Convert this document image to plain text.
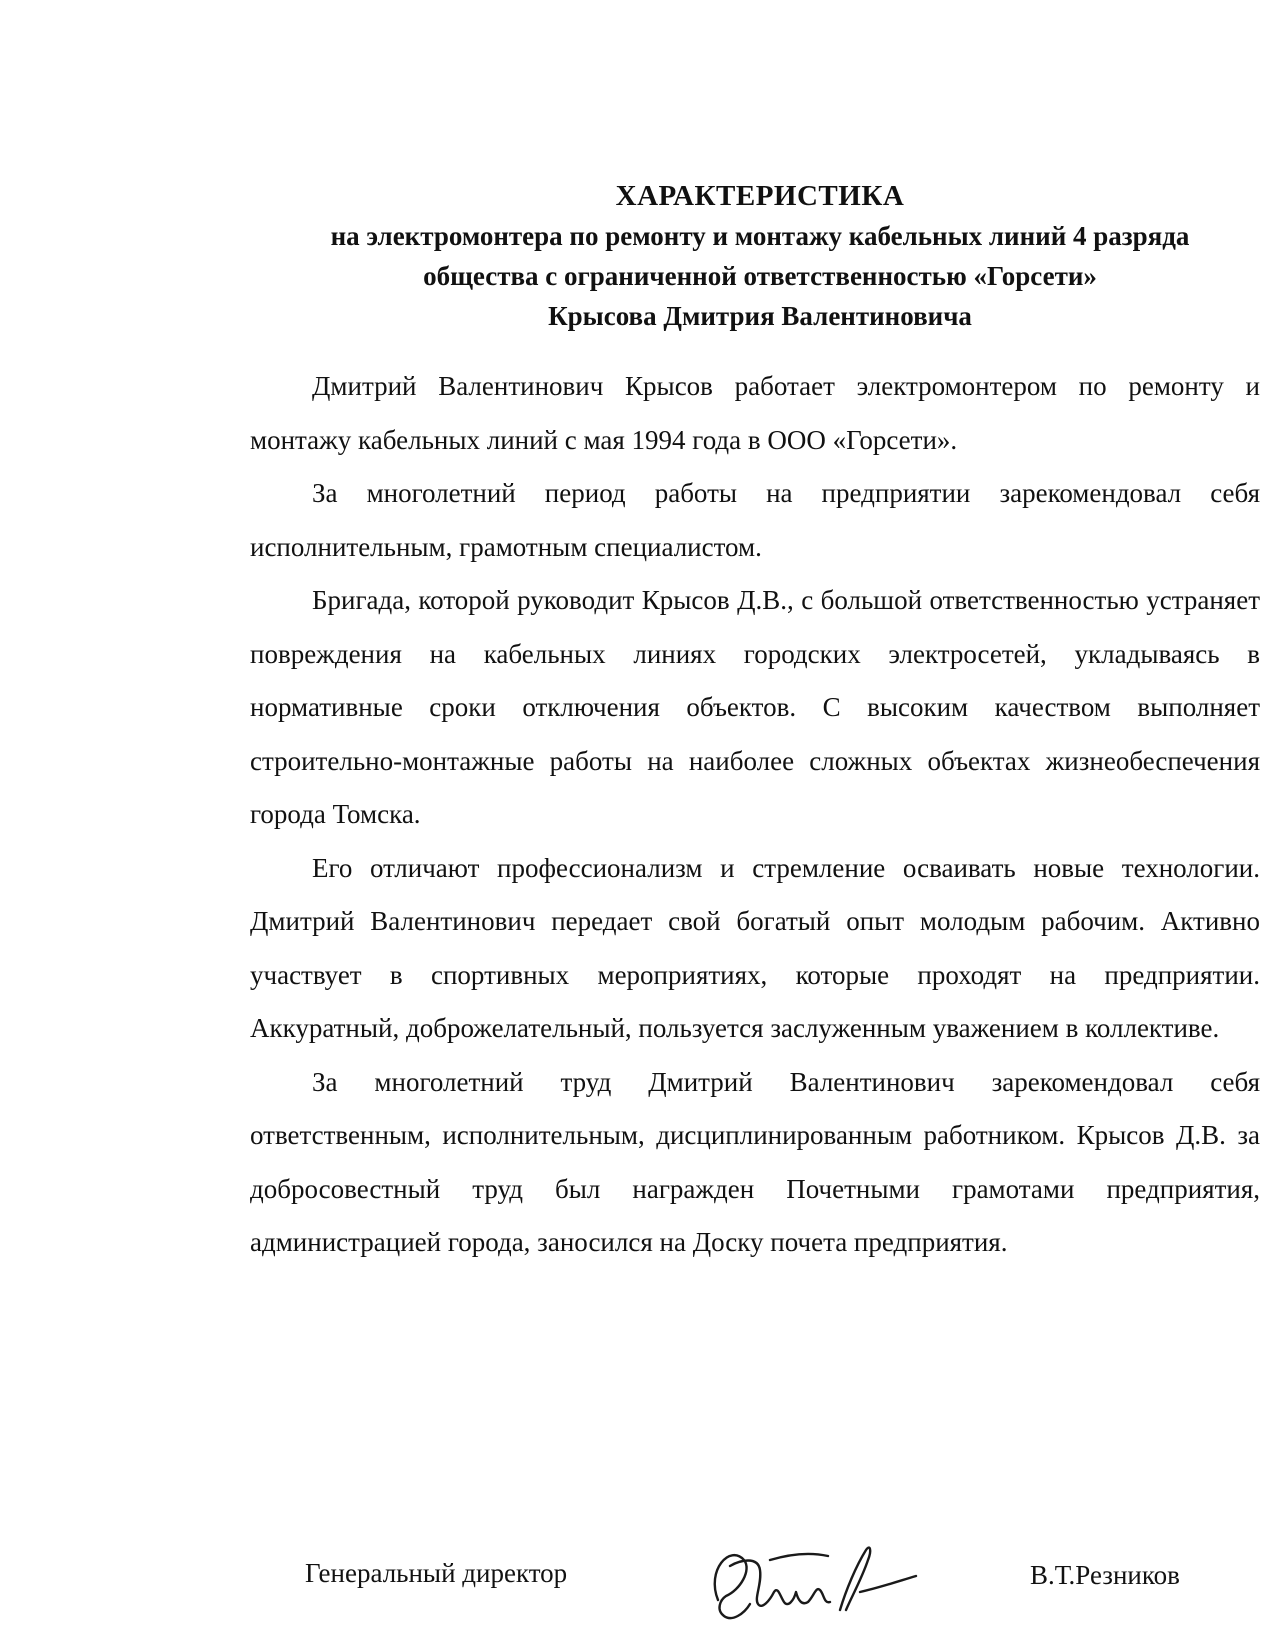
ХАРАКТЕРИСТИКА
на электромонтера по ремонту и монтажу кабельных линий 4 разряда
общества с ограниченной ответственностью «Горсети»
Крысова Дмитрия Валентиновича

Дмитрий Валентинович Крысов работает электромонтером по ремонту и монтажу кабельных линий с мая 1994 года в ООО «Горсети».

За многолетний период работы на предприятии зарекомендовал себя исполнительным, грамотным специалистом.

Бригада, которой руководит Крысов Д.В., с большой ответственностью устраняет повреждения на кабельных линиях городских электросетей, укладываясь в нормативные сроки отключения объектов. С высоким качеством выполняет строительно-монтажные работы на наиболее сложных объектах жизнеобеспечения города Томска.

Его отличают профессионализм и стремление осваивать новые технологии. Дмитрий Валентинович передает свой богатый опыт молодым рабочим. Активно участвует в спортивных мероприятиях, которые проходят на предприятии. Аккуратный, доброжелательный, пользуется заслуженным уважением в коллективе.

За многолетний труд Дмитрий Валентинович зарекомендовал себя ответственным, исполнительным, дисциплинированным работником. Крысов Д.В. за добросовестный труд был награжден Почетными грамотами предприятия, администрацией города, заносился на Доску почета предприятия.

Генеральный директор	В.Т.Резников
